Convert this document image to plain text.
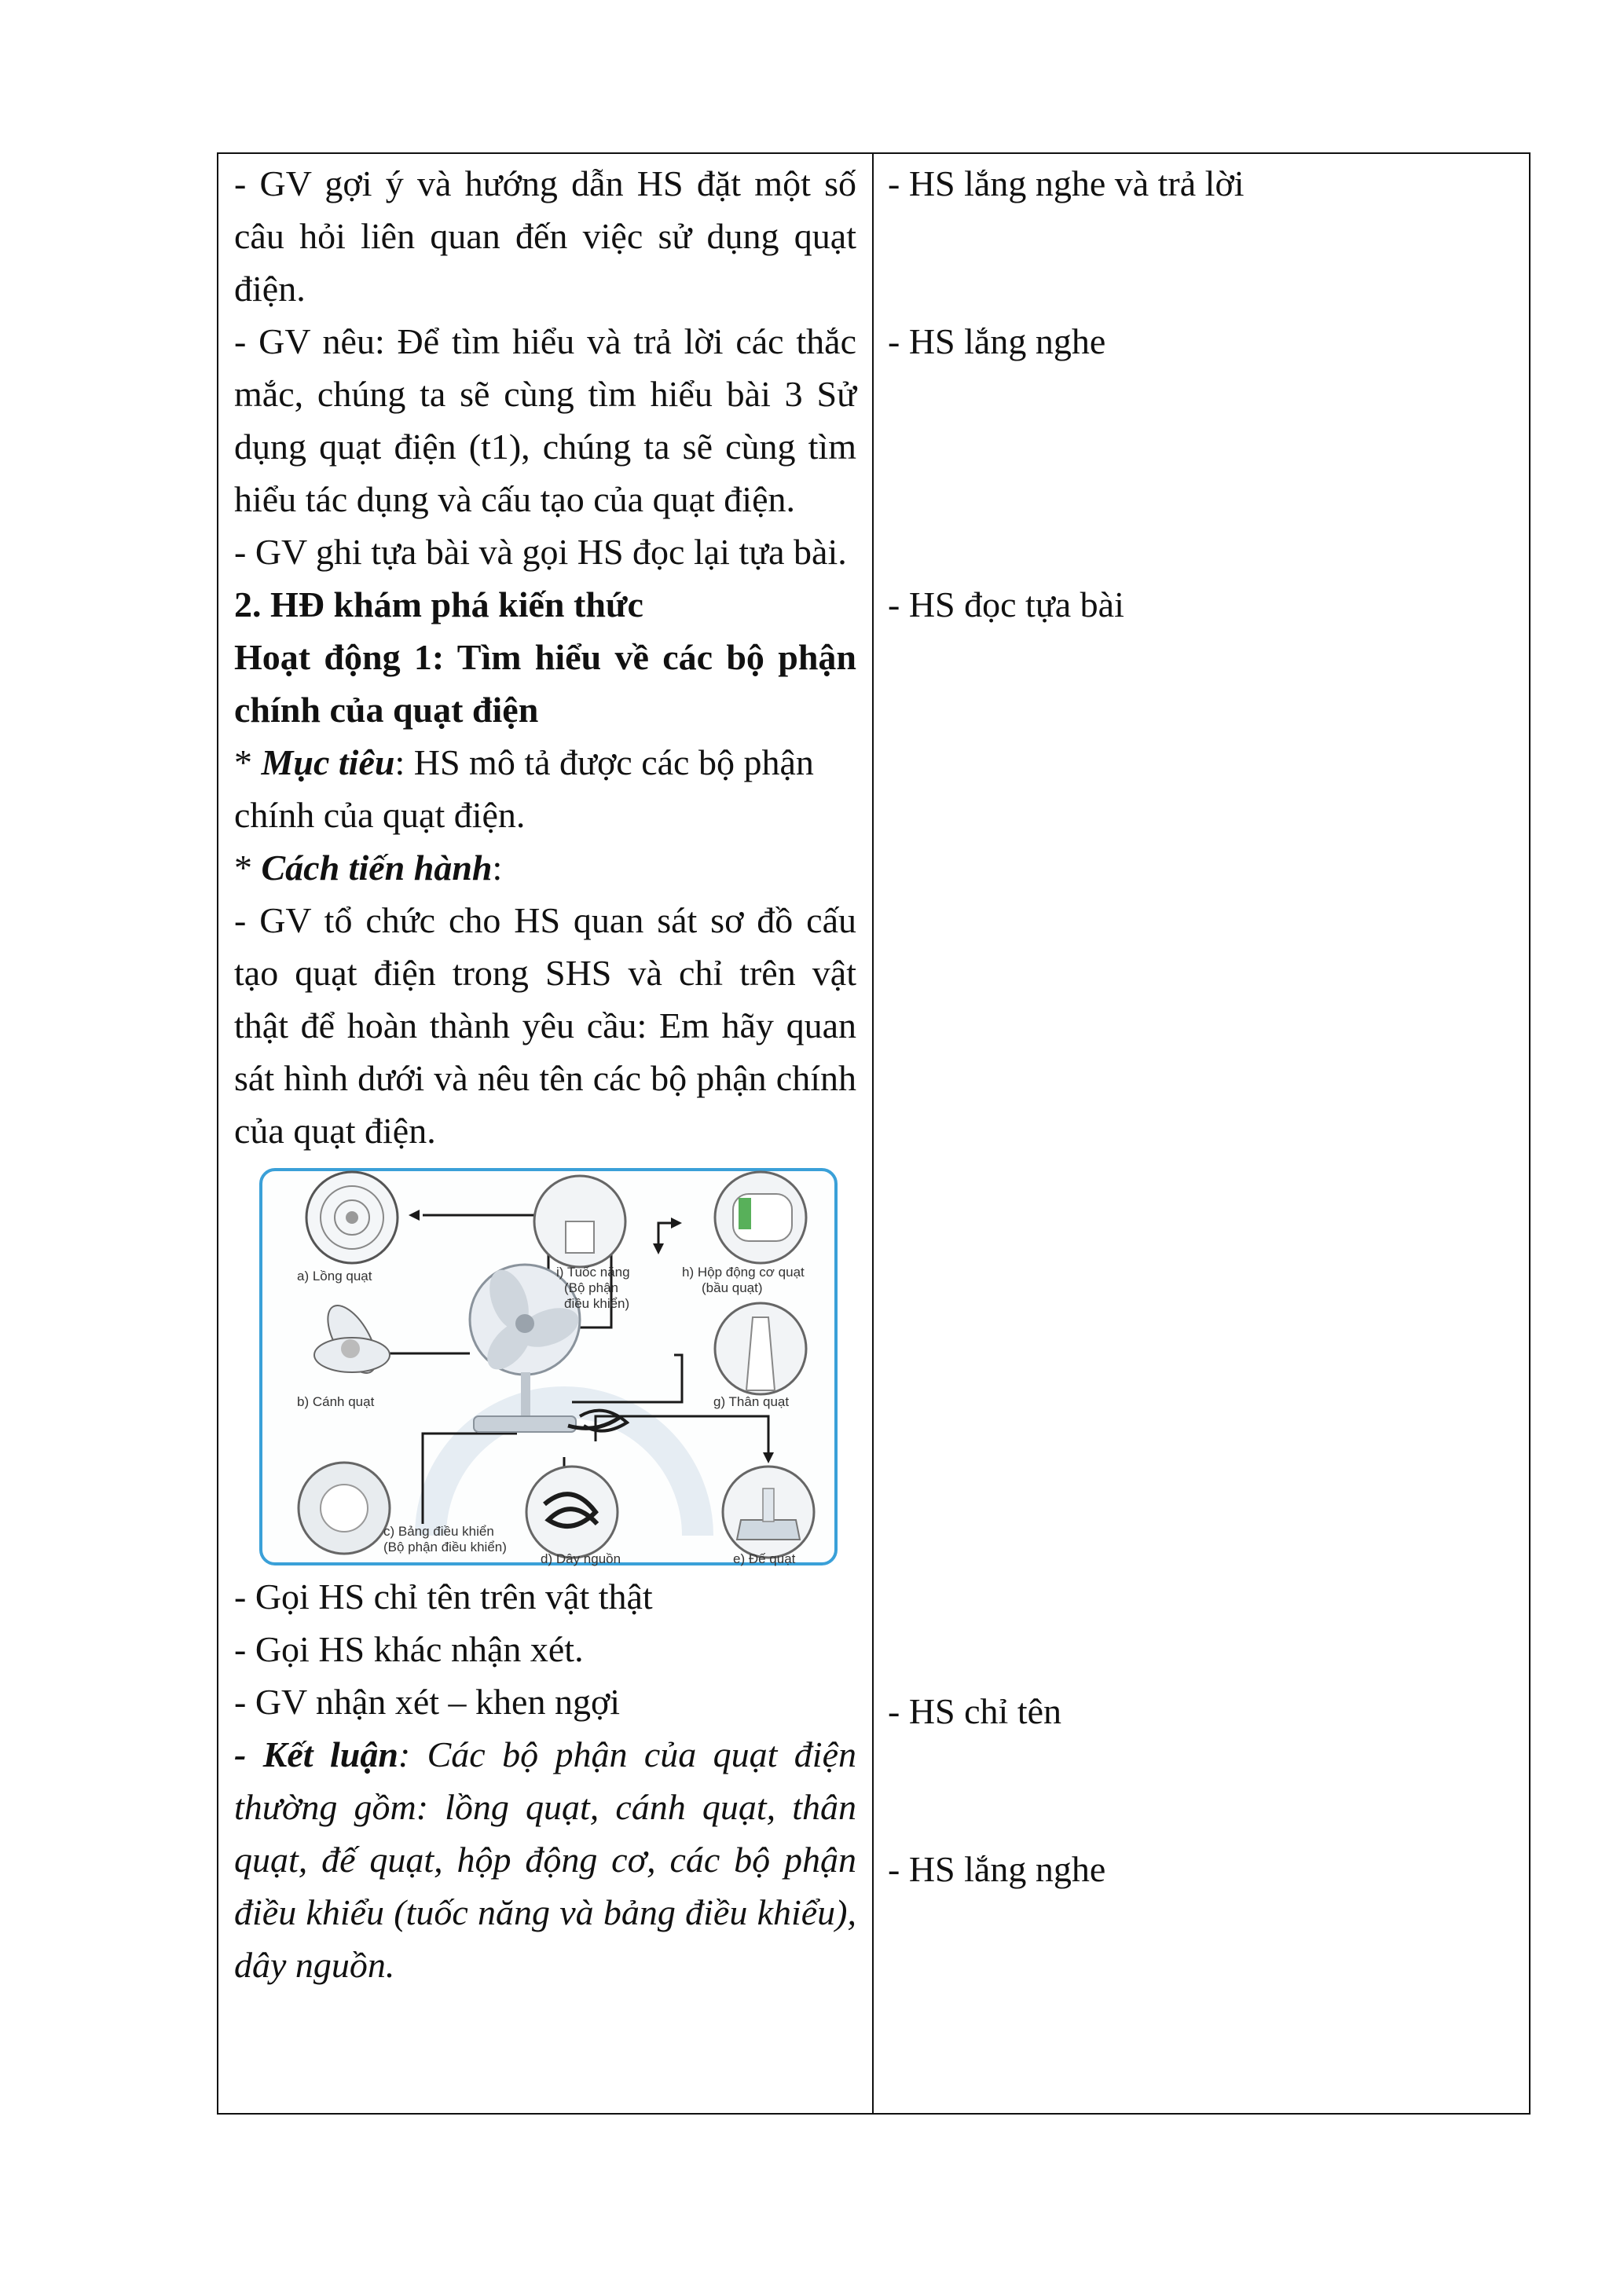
- GV gợi ý và hướng dẫn HS đặt một số câu hỏi liên quan đến việc sử dụng quạt điện.

- GV nêu: Để tìm hiểu và trả lời các thắc mắc, chúng ta sẽ cùng tìm hiểu bài 3 Sử dụng quạt điện (t1), chúng ta sẽ cùng tìm hiểu tác dụng và cấu tạo của quạt điện.

- GV ghi tựa bài và gọi HS đọc lại tựa bài.

2. HĐ khám phá kiến thức

Hoạt động 1: Tìm hiểu về các bộ phận chính của quạt điện

* Mục tiêu: HS mô tả được các bộ phận chính của quạt điện.

* Cách tiến hành:

- GV tổ chức cho HS quan sát sơ đồ cấu tạo quạt điện trong SHS và chỉ trên vật thật để hoàn thành yêu cầu: Em hãy quan sát hình dưới và nêu tên các bộ phận chính của quạt điện.

a) Lồng quạt
b) Cánh quạt
c) Bảng điều khiển
(Bộ phận điều khiển)
d) Dây nguồn	e) Đế quạt
g) Thân quạt
h) Hộp động cơ quạt
(bầu quạt)
i) Tuốc năng
(Bộ phận
điều khiển)

- Gọi HS chỉ tên trên vật thật

- Gọi HS khác nhận xét.

- GV nhận xét – khen ngợi

- Kết luận: Các bộ phận của quạt điện thường gồm: lồng quạt, cánh quạt, thân quạt, đế quạt, hộp động cơ, các bộ phận điều khiểu (tuốc năng và bảng điều khiểu), dây nguồn.

- HS lắng nghe và trả lời
- HS lắng nghe
- HS đọc tựa bài
- HS chỉ tên
- HS lắng nghe
